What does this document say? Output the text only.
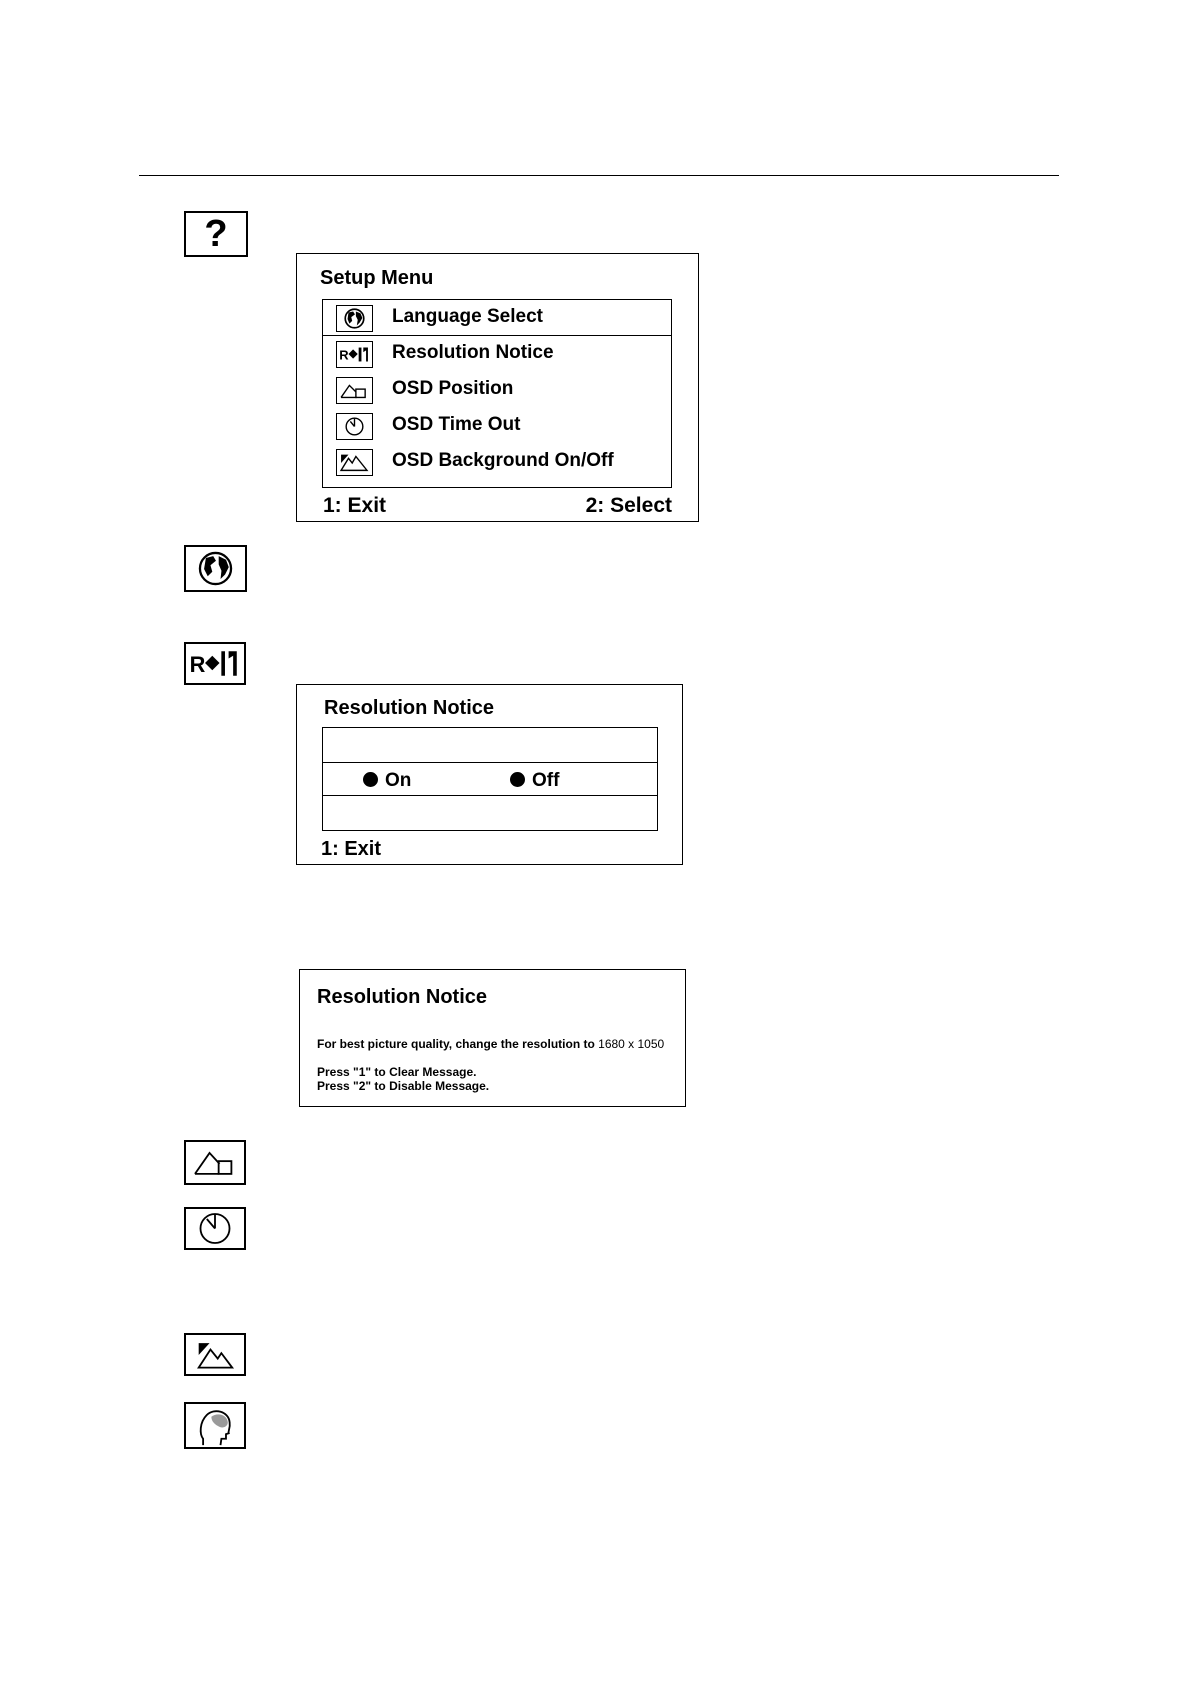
?
Setup Menu
Language Select
R Resolution Notice
OSD Position
OSD Time Out
OSD Background On/Off
1: Exit	2: Select
R
Resolution Notice
On	Off
1: Exit
Resolution Notice
For best picture quality, change the resolution to 1680 x 1050
Press "1" to Clear Message.
Press "2" to Disable Message.
